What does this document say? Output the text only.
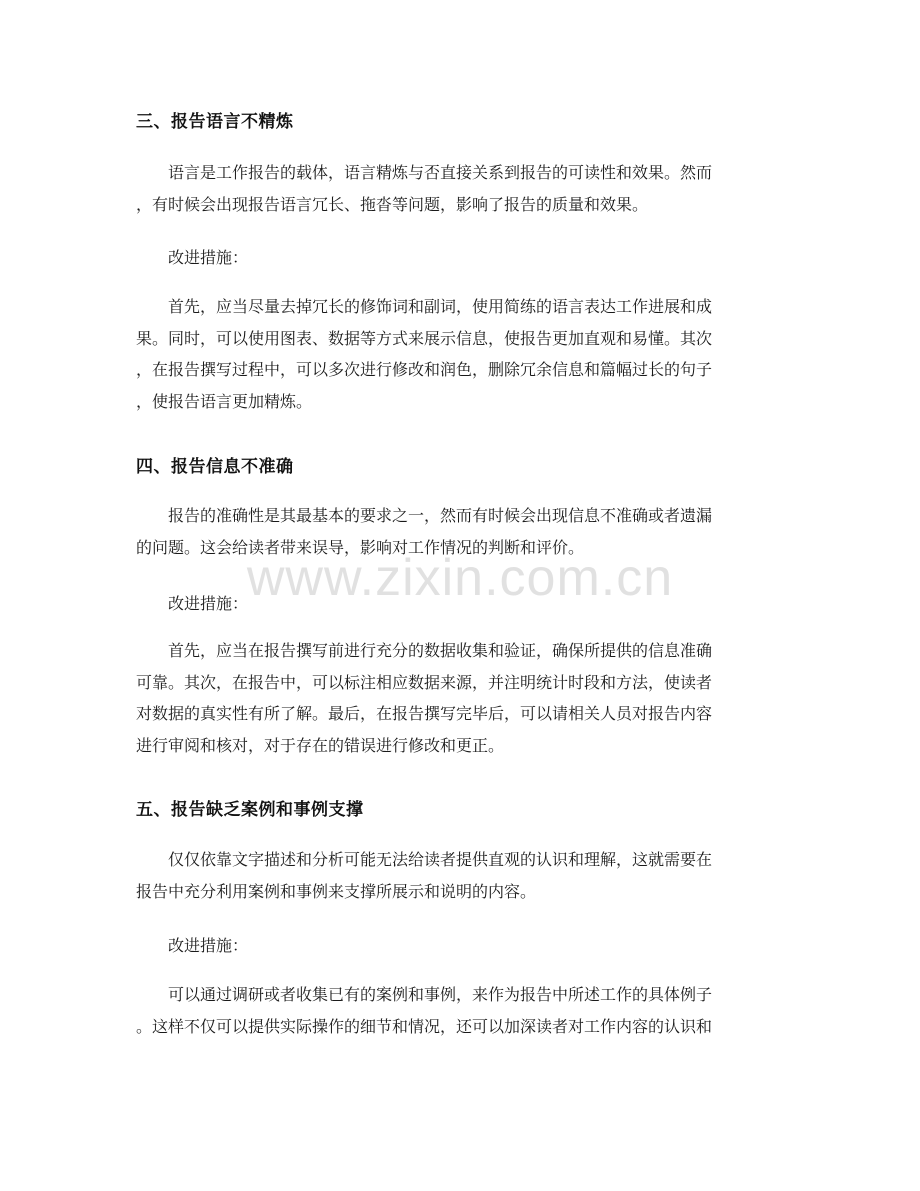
三、报告语言不精炼
语言是工作报告的载体，语言精炼与否直接关系到报告的可读性和效果。然而
，有时候会出现报告语言冗长、拖沓等问题，影响了报告的质量和效果。
改进措施：
首先，应当尽量去掉冗长的修饰词和副词，使用简练的语言表达工作进展和成
果。同时，可以使用图表、数据等方式来展示信息，使报告更加直观和易懂。其次
，在报告撰写过程中，可以多次进行修改和润色，删除冗余信息和篇幅过长的句子
，使报告语言更加精炼。
四、报告信息不准确
报告的准确性是其最基本的要求之一，然而有时候会出现信息不准确或者遗漏
的问题。这会给读者带来误导，影响对工作情况的判断和评价。
改进措施：
首先，应当在报告撰写前进行充分的数据收集和验证，确保所提供的信息准确
可靠。其次，在报告中，可以标注相应数据来源，并注明统计时段和方法，使读者
对数据的真实性有所了解。最后，在报告撰写完毕后，可以请相关人员对报告内容
进行审阅和核对，对于存在的错误进行修改和更正。
五、报告缺乏案例和事例支撑
仅仅依靠文字描述和分析可能无法给读者提供直观的认识和理解，这就需要在
报告中充分利用案例和事例来支撑所展示和说明的内容。
改进措施：
可以通过调研或者收集已有的案例和事例，来作为报告中所述工作的具体例子
。这样不仅可以提供实际操作的细节和情况，还可以加深读者对工作内容的认识和
www.zixin.com.cn
